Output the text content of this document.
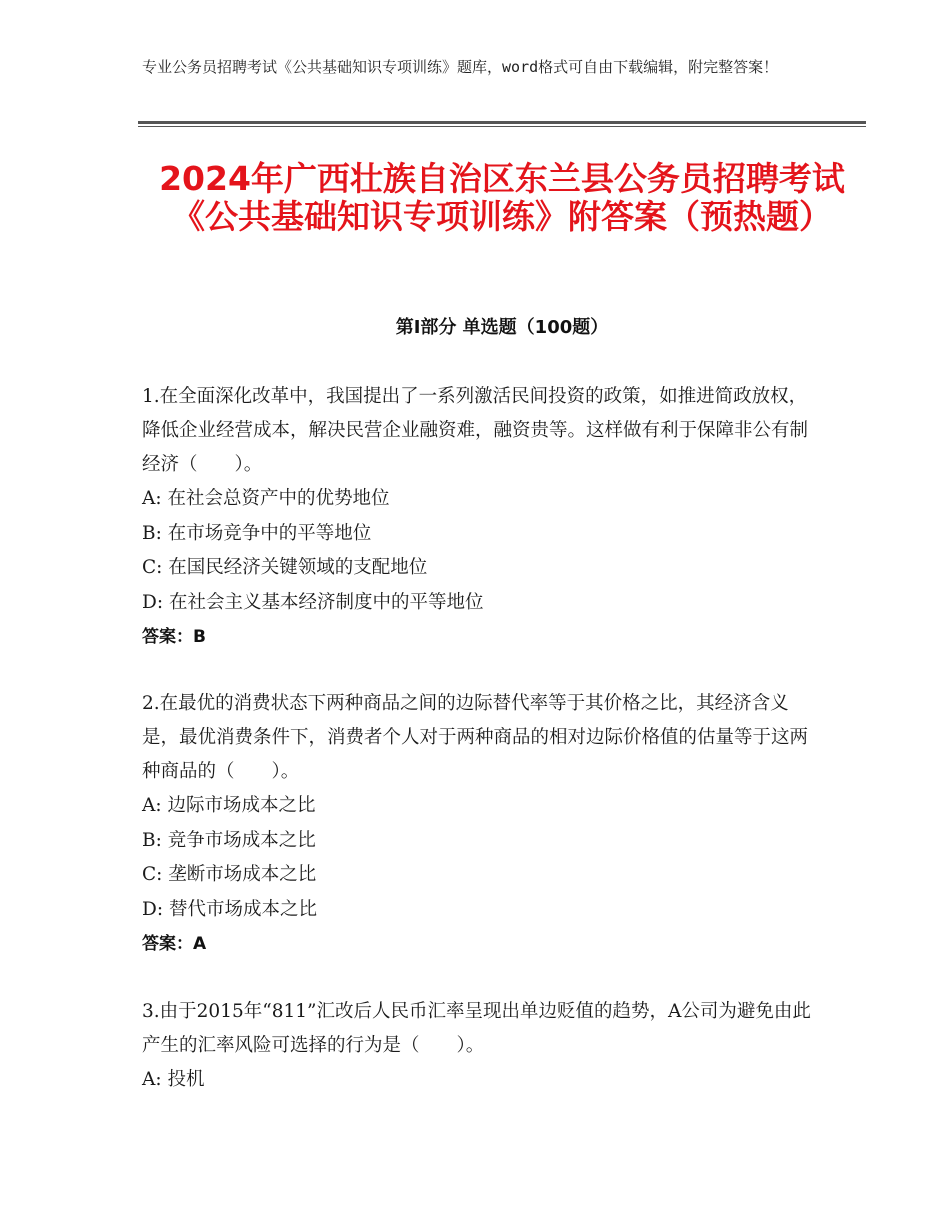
专业公务员招聘考试《公共基础知识专项训练》题库，word格式可自由下载编辑，附完整答案！
2024年广西壮族自治区东兰县公务员招聘考试《公共基础知识专项训练》附答案（预热题）
第Ⅰ部分 单选题（100题）
1.在全面深化改革中，我国提出了一系列激活民间投资的政策，如推进简政放权，降低企业经营成本，解决民营企业融资难，融资贵等。这样做有利于保障非公有制经济（　　）。
A: 在社会总资产中的优势地位
B: 在市场竞争中的平等地位
C: 在国民经济关键领域的支配地位
D: 在社会主义基本经济制度中的平等地位
答案：B
2.在最优的消费状态下两种商品之间的边际替代率等于其价格之比，其经济含义是，最优消费条件下，消费者个人对于两种商品的相对边际价格值的估量等于这两种商品的（　　）。
A: 边际市场成本之比
B: 竞争市场成本之比
C: 垄断市场成本之比
D: 替代市场成本之比
答案：A
3.由于2015年“811”汇改后人民币汇率呈现出单边贬值的趋势，A公司为避免由此产生的汇率风险可选择的行为是（　　）。
A: 投机
